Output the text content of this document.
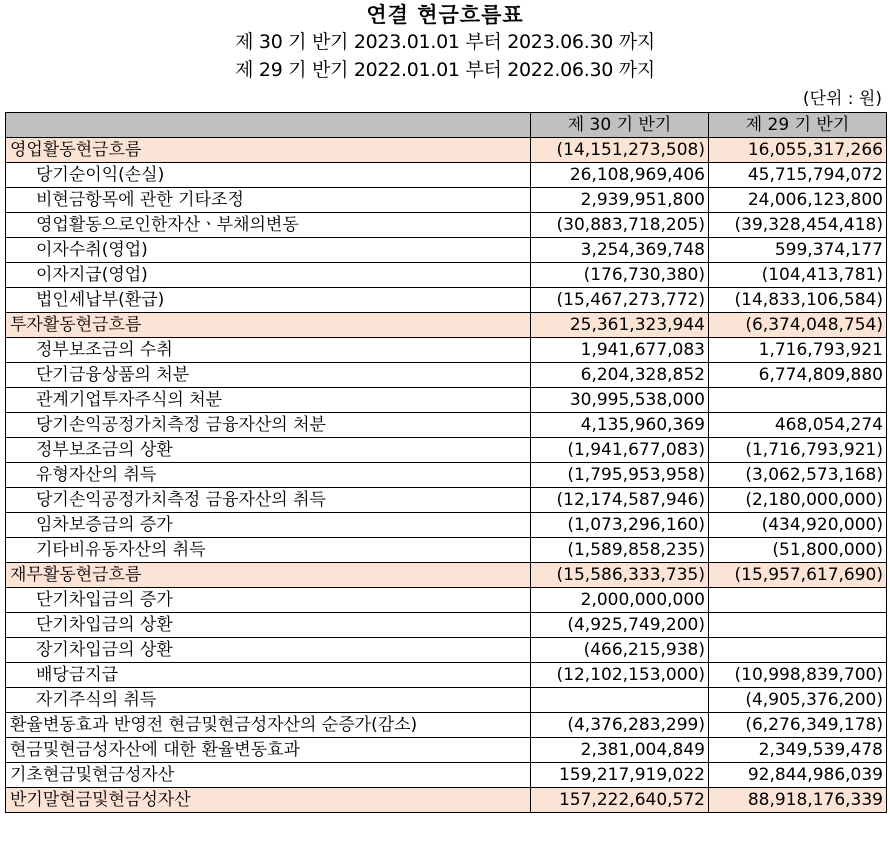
연결 현금흐름표
제 30 기 반기 2023.01.01 부터 2023.06.30 까지
제 29 기 반기 2022.01.01 부터 2022.06.30 까지
(단위 : 원)
	제 30 기 반기	제 29 기 반기
영업활동현금흐름	(14,151,273,508)	16,055,317,266
당기순이익(손실)	26,108,969,406	45,715,794,072
비현금항목에 관한 기타조정	2,939,951,800	24,006,123,800
영업활동으로인한자산ㆍ부채의변동	(30,883,718,205)	(39,328,454,418)
이자수취(영업)	3,254,369,748	599,374,177
이자지급(영업)	(176,730,380)	(104,413,781)
법인세납부(환급)	(15,467,273,772)	(14,833,106,584)
투자활동현금흐름	25,361,323,944	(6,374,048,754)
정부보조금의 수취	1,941,677,083	1,716,793,921
단기금융상품의 처분	6,204,328,852	6,774,809,880
관계기업투자주식의 처분	30,995,538,000	
당기손익공정가치측정 금융자산의 처분	4,135,960,369	468,054,274
정부보조금의 상환	(1,941,677,083)	(1,716,793,921)
유형자산의 취득	(1,795,953,958)	(3,062,573,168)
당기손익공정가치측정 금융자산의 취득	(12,174,587,946)	(2,180,000,000)
임차보증금의 증가	(1,073,296,160)	(434,920,000)
기타비유동자산의 취득	(1,589,858,235)	(51,800,000)
재무활동현금흐름	(15,586,333,735)	(15,957,617,690)
단기차입금의 증가	2,000,000,000	
단기차입금의 상환	(4,925,749,200)	
장기차입금의 상환	(466,215,938)	
배당금지급	(12,102,153,000)	(10,998,839,700)
자기주식의 취득		(4,905,376,200)
환율변동효과 반영전 현금및현금성자산의 순증가(감소)	(4,376,283,299)	(6,276,349,178)
현금및현금성자산에 대한 환율변동효과	2,381,004,849	2,349,539,478
기초현금및현금성자산	159,217,919,022	92,844,986,039
반기말현금및현금성자산	157,222,640,572	88,918,176,339
